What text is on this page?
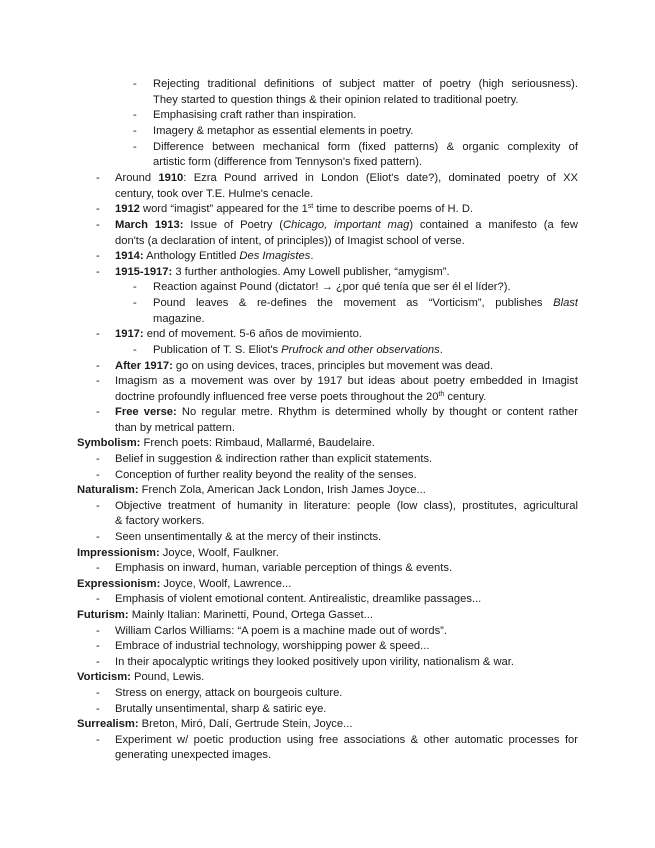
- Rejecting traditional definitions of subject matter of poetry (high seriousness).
They started to question things & their opinion related to traditional poetry.
- Emphasising craft rather than inspiration.
- Imagery & metaphor as essential elements in poetry.
- Difference between mechanical form (fixed patterns) & organic complexity of
artistic form (difference from Tennyson's fixed pattern).
- Around 1910: Ezra Pound arrived in London (Eliot's date?), dominated poetry of XX
century, took over T.E. Hulme's cenacle.
- 1912 word “imagist” appeared for the 1st time to describe poems of H. D.
- March 1913: Issue of Poetry (Chicago, important mag) contained a manifesto (a few
don'ts (a declaration of intent, of principles)) of Imagist school of verse.
- 1914: Anthology Entitled Des Imagistes.
- 1915-1917: 3 further anthologies. Amy Lowell publisher, “amygism”.
- Reaction against Pound (dictator! → ¿por qué tenía que ser él el líder?).
- Pound leaves & re-defines the movement as “Vorticism”, publishes Blast
magazine.
- 1917: end of movement. 5-6 años de movimiento.
- Publication of T. S. Eliot's Prufrock and other observations.
- After 1917: go on using devices, traces, principles but movement was dead.
- Imagism as a movement was over by 1917 but ideas about poetry embedded in Imagist
doctrine profoundly influenced free verse poets throughout the 20th century.
- Free verse: No regular metre. Rhythm is determined wholly by thought or content rather
than by metrical pattern.
Symbolism: French poets: Rimbaud, Mallarmé, Baudelaire.
- Belief in suggestion & indirection rather than explicit statements.
- Conception of further reality beyond the reality of the senses.
Naturalism: French Zola, American Jack London, Irish James Joyce...
- Objective treatment of humanity in literature: people (low class), prostitutes, agricultural
& factory workers.
- Seen unsentimentally & at the mercy of their instincts.
Impressionism: Joyce, Woolf, Faulkner.
- Emphasis on inward, human, variable perception of things & events.
Expressionism: Joyce, Woolf, Lawrence...
- Emphasis of violent emotional content. Antirealistic, dreamlike passages...
Futurism: Mainly Italian: Marinetti, Pound, Ortega Gasset...
- William Carlos Williams: “A poem is a machine made out of words”.
- Embrace of industrial technology, worshipping power & speed...
- In their apocalyptic writings they looked positively upon virility, nationalism & war.
Vorticism: Pound, Lewis.
- Stress on energy, attack on bourgeois culture.
- Brutally unsentimental, sharp & satiric eye.
Surrealism: Breton, Miró, Dalí, Gertrude Stein, Joyce...
- Experiment w/ poetic production using free associations & other automatic processes for
generating unexpected images.
